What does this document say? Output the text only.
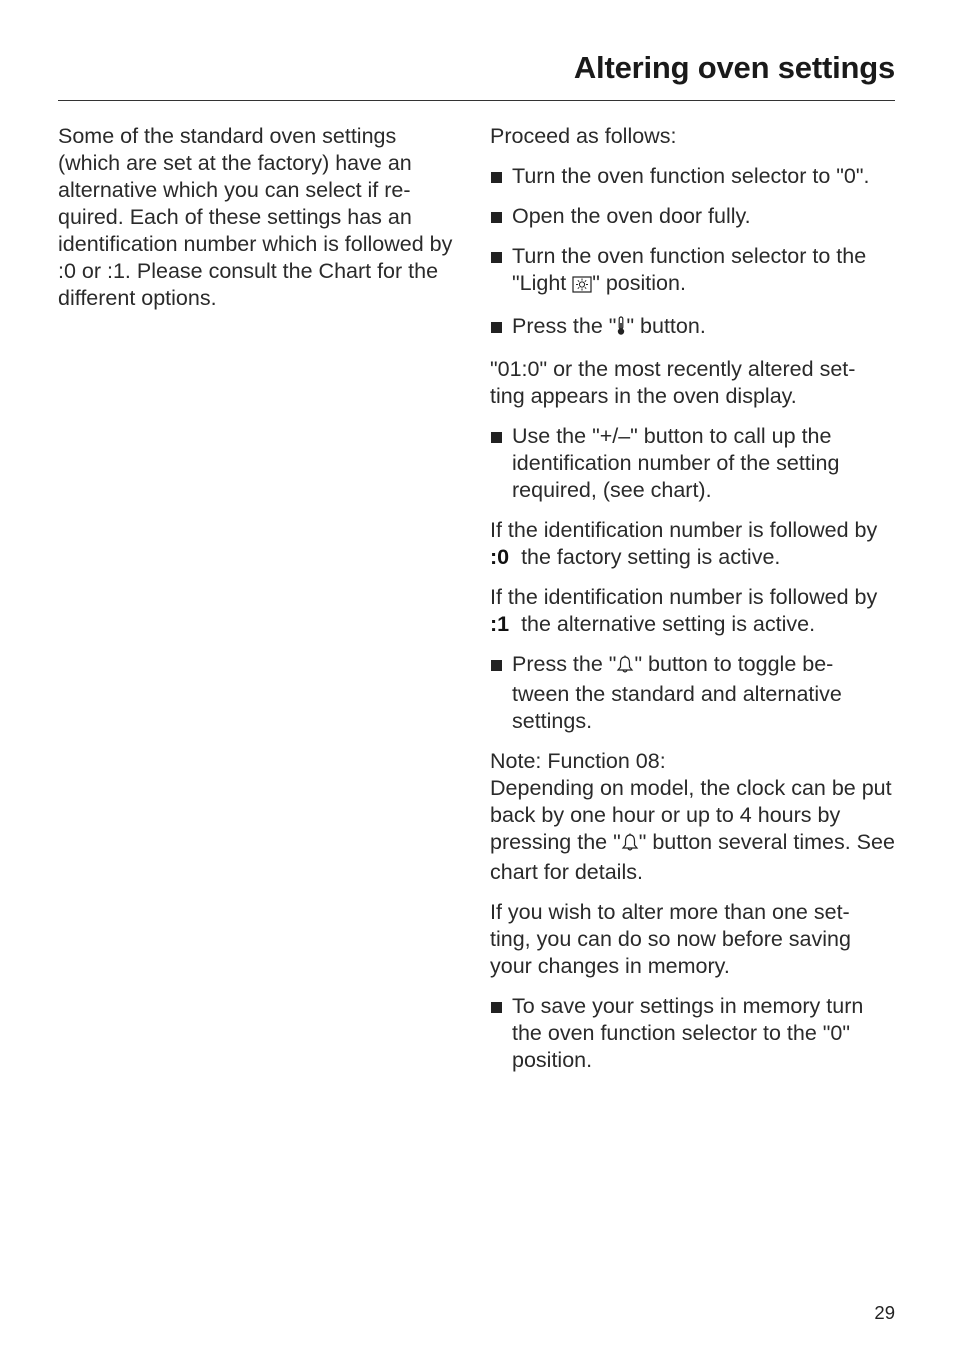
Altering oven settings

Some of the standard oven settings (which are set at the factory) have an alternative which you can select if re- quired. Each of these settings has an identification number which is followed by :0 or :1. Please consult the Chart for the different options.

Proceed as follows:

Turn the oven function selector to "0".
Open the oven door fully.
Turn the oven function selector to the "Light " position.
Press the " " button.

"01:0" or the most recently altered set- ting appears in the oven display.

Use the "+/–" button to call up the identification number of the setting required, (see chart).

If the identification number is followed by :0  the factory setting is active.

If the identification number is followed by :1  the alternative setting is active.

Press the " " button to toggle be- tween the standard and alternative settings.

Note: Function 08:
Depending on model, the clock can be put back by one hour or up to 4 hours by pressing the " " button several times. See chart for details.

If you wish to alter more than one set- ting, you can do so now before saving your changes in memory.

To save your settings in memory turn the oven function selector to the "0" position.
29
